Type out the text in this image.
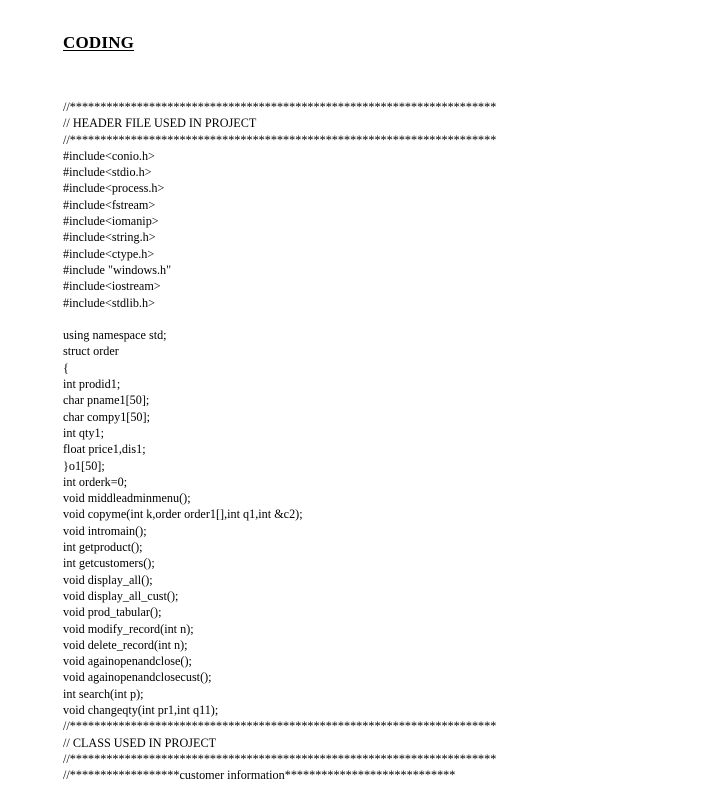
CODING
//**********************************************************************
// HEADER FILE USED IN PROJECT
//**********************************************************************
#include<conio.h>
#include<stdio.h>
#include<process.h>
#include<fstream>
#include<iomanip>
#include<string.h>
#include<ctype.h>
#include "windows.h"
#include<iostream>
#include<stdlib.h>
using namespace std;
struct order
{
int prodid1;
char pname1[50];
char compy1[50];
int qty1;
float price1,dis1;
}o1[50];
int orderk=0;
void middleadminmenu();
void copyme(int k,order order1[],int q1,int &c2);
void intromain();
int getproduct();
int getcustomers();
void display_all();
void display_all_cust();
void prod_tabular();
void modify_record(int n);
void delete_record(int n);
void againopenandclose();
void againopenandclosecust();
int search(int p);
void changeqty(int pr1,int q11);
//**********************************************************************
// CLASS USED IN PROJECT
//**********************************************************************
//******************customer information****************************
